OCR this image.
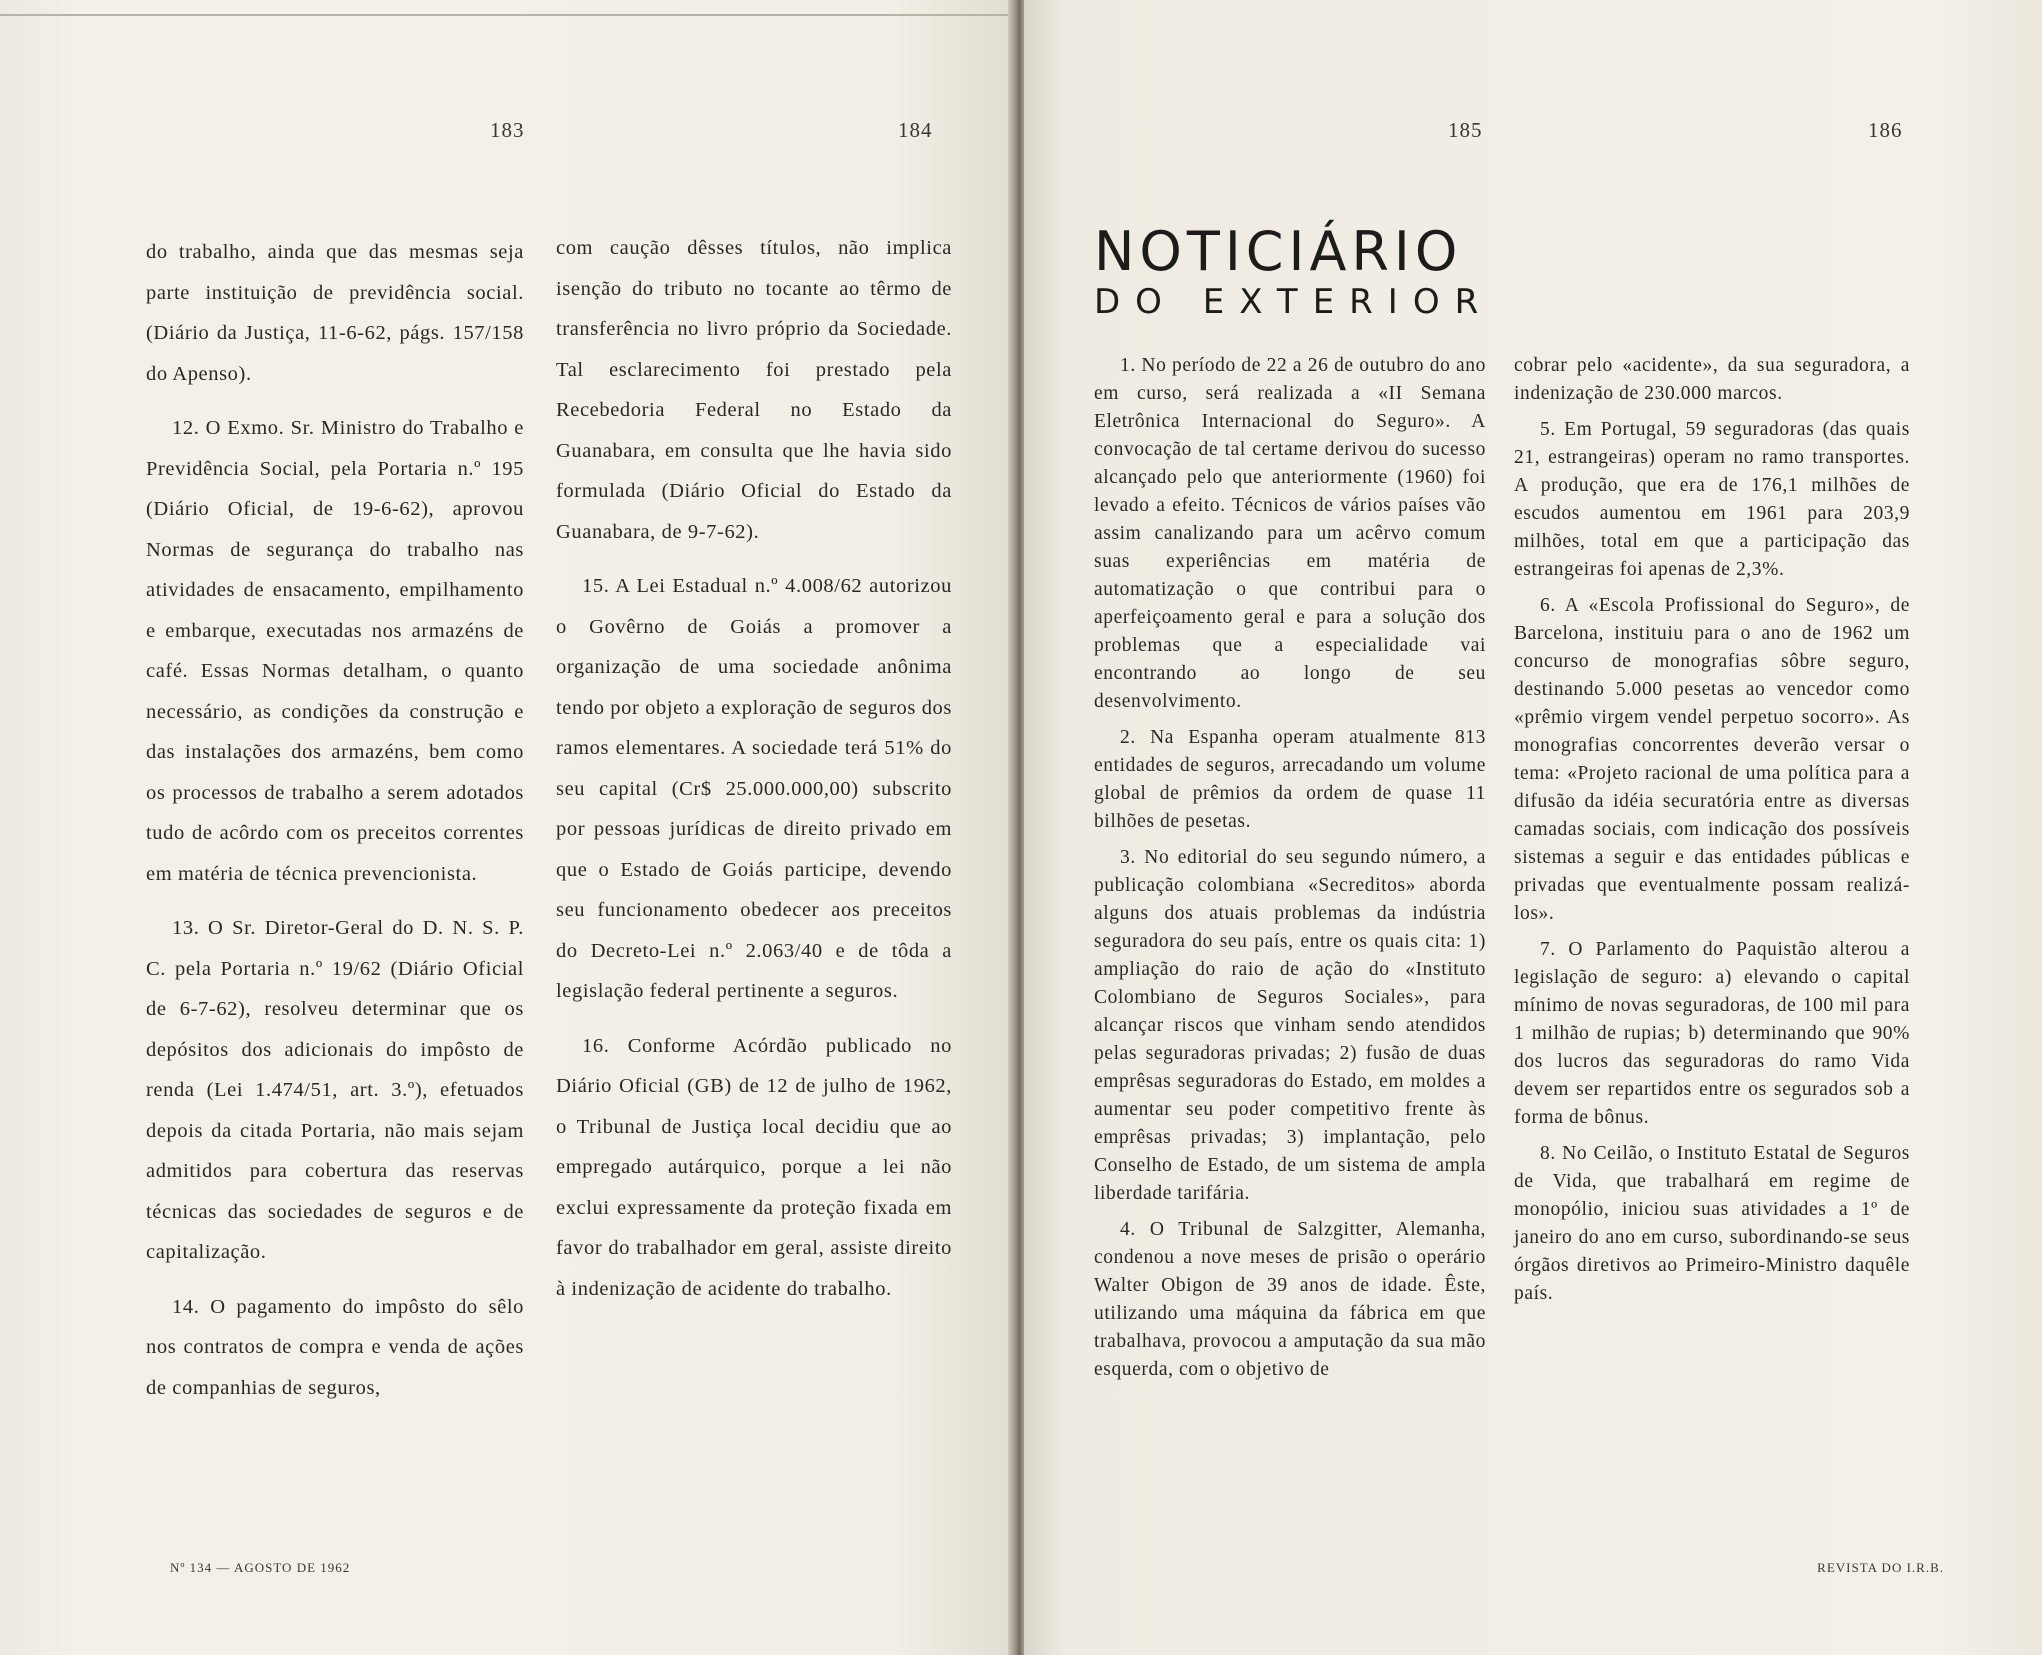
183	184

do trabalho, ainda que das mesmas seja parte instituição de previdência social. (Diário da Justiça, 11-6-62, págs. 157/158 do Apenso).

12. O Exmo. Sr. Ministro do Trabalho e Previdência Social, pela Portaria n.º 195 (Diário Oficial, de 19-6-62), aprovou Normas de segurança do trabalho nas atividades de ensacamento, empilhamento e embarque, executadas nos armazéns de café. Essas Normas detalham, o quanto necessário, as condições da construção e das instalações dos armazéns, bem como os processos de trabalho a serem adotados tudo de acôrdo com os preceitos correntes em matéria de técnica prevencionista.

13. O Sr. Diretor-Geral do D. N. S. P. C. pela Portaria n.º 19/62 (Diário Oficial de 6-7-62), resolveu determinar que os depósitos dos adicionais do impôsto de renda (Lei 1.474/51, art. 3.º), efetuados depois da citada Portaria, não mais sejam admitidos para cobertura das reservas técnicas das sociedades de seguros e de capitalização.

14. O pagamento do impôsto do sêlo nos contratos de compra e venda de ações de companhias de seguros,

com caução dêsses títulos, não implica isenção do tributo no tocante ao têrmo de transferência no livro próprio da Sociedade. Tal esclarecimento foi prestado pela Recebedoria Federal no Estado da Guanabara, em consulta que lhe havia sido formulada (Diário Oficial do Estado da Guanabara, de 9-7-62).

15. A Lei Estadual n.º 4.008/62 autorizou o Govêrno de Goiás a promover a organização de uma sociedade anônima tendo por objeto a exploração de seguros dos ramos elementares. A sociedade terá 51% do seu capital (Cr$ 25.000.000,00) subscrito por pessoas jurídicas de direito privado em que o Estado de Goiás participe, devendo seu funcionamento obedecer aos preceitos do Decreto-Lei n.º 2.063/40 e de tôda a legislação federal pertinente a seguros.

16. Conforme Acórdão publicado no Diário Oficial (GB) de 12 de julho de 1962, o Tribunal de Justiça local decidiu que ao empregado autárquico, porque a lei não exclui expressamente da proteção fixada em favor do trabalhador em geral, assiste direito à indenização de acidente do trabalho.

Nº 134 — AGOSTO DE 1962
185	186
REVISTA DO I.R.B.
NOTICIÁRIO
DO EXTERIOR

1. No período de 22 a 26 de outubro do ano em curso, será realizada a «II Semana Eletrônica Internacional do Seguro». A convocação de tal certame derivou do sucesso alcançado pelo que anteriormente (1960) foi levado a efeito. Técnicos de vários países vão assim canalizando para um acêrvo comum suas experiências em matéria de automatização o que contribui para o aperfeiçoamento geral e para a solução dos problemas que a especialidade vai encontrando ao longo de seu desenvolvimento.

2. Na Espanha operam atualmente 813 entidades de seguros, arrecadando um volume global de prêmios da ordem de quase 11 bilhões de pesetas.

3. No editorial do seu segundo número, a publicação colombiana «Secreditos» aborda alguns dos atuais problemas da indústria seguradora do seu país, entre os quais cita: 1) ampliação do raio de ação do «Instituto Colombiano de Seguros Sociales», para alcançar riscos que vinham sendo atendidos pelas seguradoras privadas; 2) fusão de duas emprêsas seguradoras do Estado, em moldes a aumentar seu poder competitivo frente às emprêsas privadas; 3) implantação, pelo Conselho de Estado, de um sistema de ampla liberdade tarifária.

4. O Tribunal de Salzgitter, Alemanha, condenou a nove meses de prisão o operário Walter Obigon de 39 anos de idade. Êste, utilizando uma máquina da fábrica em que trabalhava, provocou a amputação da sua mão esquerda, com o objetivo de

cobrar pelo «acidente», da sua seguradora, a indenização de 230.000 marcos.

5. Em Portugal, 59 seguradoras (das quais 21, estrangeiras) operam no ramo transportes. A produção, que era de 176,1 milhões de escudos aumentou em 1961 para 203,9 milhões, total em que a participação das estrangeiras foi apenas de 2,3%.

6. A «Escola Profissional do Seguro», de Barcelona, instituiu para o ano de 1962 um concurso de monografias sôbre seguro, destinando 5.000 pesetas ao vencedor como «prêmio virgem vendel perpetuo socorro». As monografias concorrentes deverão versar o tema: «Projeto racional de uma política para a difusão da idéia securatória entre as diversas camadas sociais, com indicação dos possíveis sistemas a seguir e das entidades públicas e privadas que eventualmente possam realizá-los».

7. O Parlamento do Paquistão alterou a legislação de seguro: a) elevando o capital mínimo de novas seguradoras, de 100 mil para 1 milhão de rupias; b) determinando que 90% dos lucros das seguradoras do ramo Vida devem ser repartidos entre os segurados sob a forma de bônus.

8. No Ceilão, o Instituto Estatal de Seguros de Vida, que trabalhará em regime de monopólio, iniciou suas atividades a 1º de janeiro do ano em curso, subordinando-se seus órgãos diretivos ao Primeiro-Ministro daquêle país.
